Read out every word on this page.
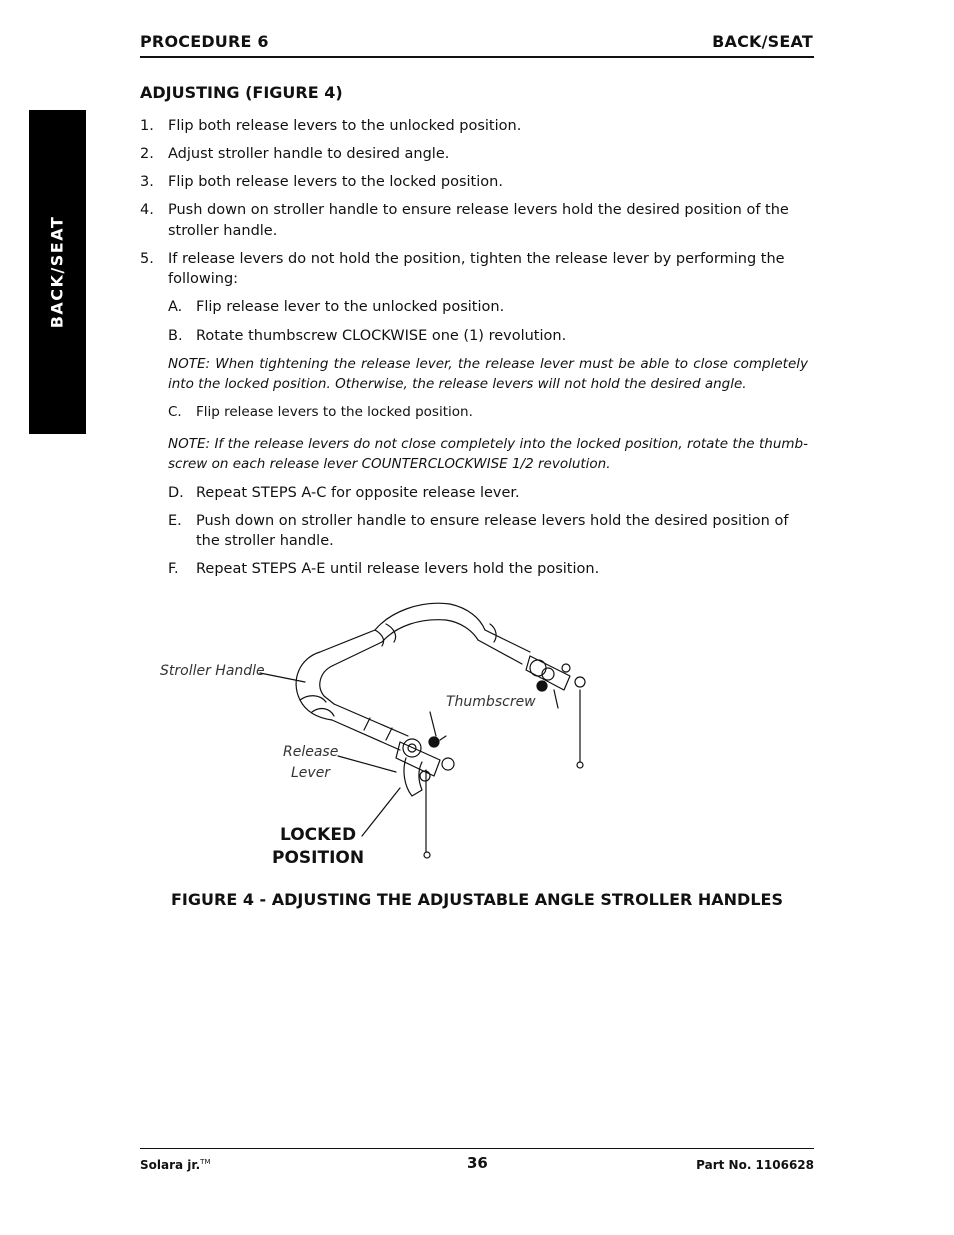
PROCEDURE 6	BACK/SEAT
BACK/SEAT
ADJUSTING (FIGURE 4)
1. Flip both release levers to the unlocked position.
2. Adjust stroller handle to desired angle.
3. Flip both release levers to the locked position.
4. Push down on stroller handle to ensure release levers hold the desired position of the
stroller handle.
5. If release levers do not hold the position, tighten the release lever by performing the
following:
A. Flip release lever to the unlocked position.
B. Rotate thumbscrew CLOCKWISE one (1) revolution.
NOTE: When tightening the release lever, the release lever must be able to close completely into the locked position. Otherwise, the release levers will not hold the desired angle.
C. Flip release levers to the locked position.
NOTE: If the release levers do not close completely into the locked position, rotate the thumb-screw on each release lever COUNTERCLOCKWISE 1/2 revolution.
D. Repeat STEPS A-C for opposite release lever.
E. Push down on stroller handle to ensure release levers hold the desired position of
the stroller handle.
F. Repeat STEPS A-E until release levers hold the position.
Stroller Handle
Thumbscrew
Release
Lever
LOCKED
POSITION
FIGURE 4 - ADJUSTING THE ADJUSTABLE ANGLE STROLLER HANDLES
Solara jr.™	36	Part No. 1106628
